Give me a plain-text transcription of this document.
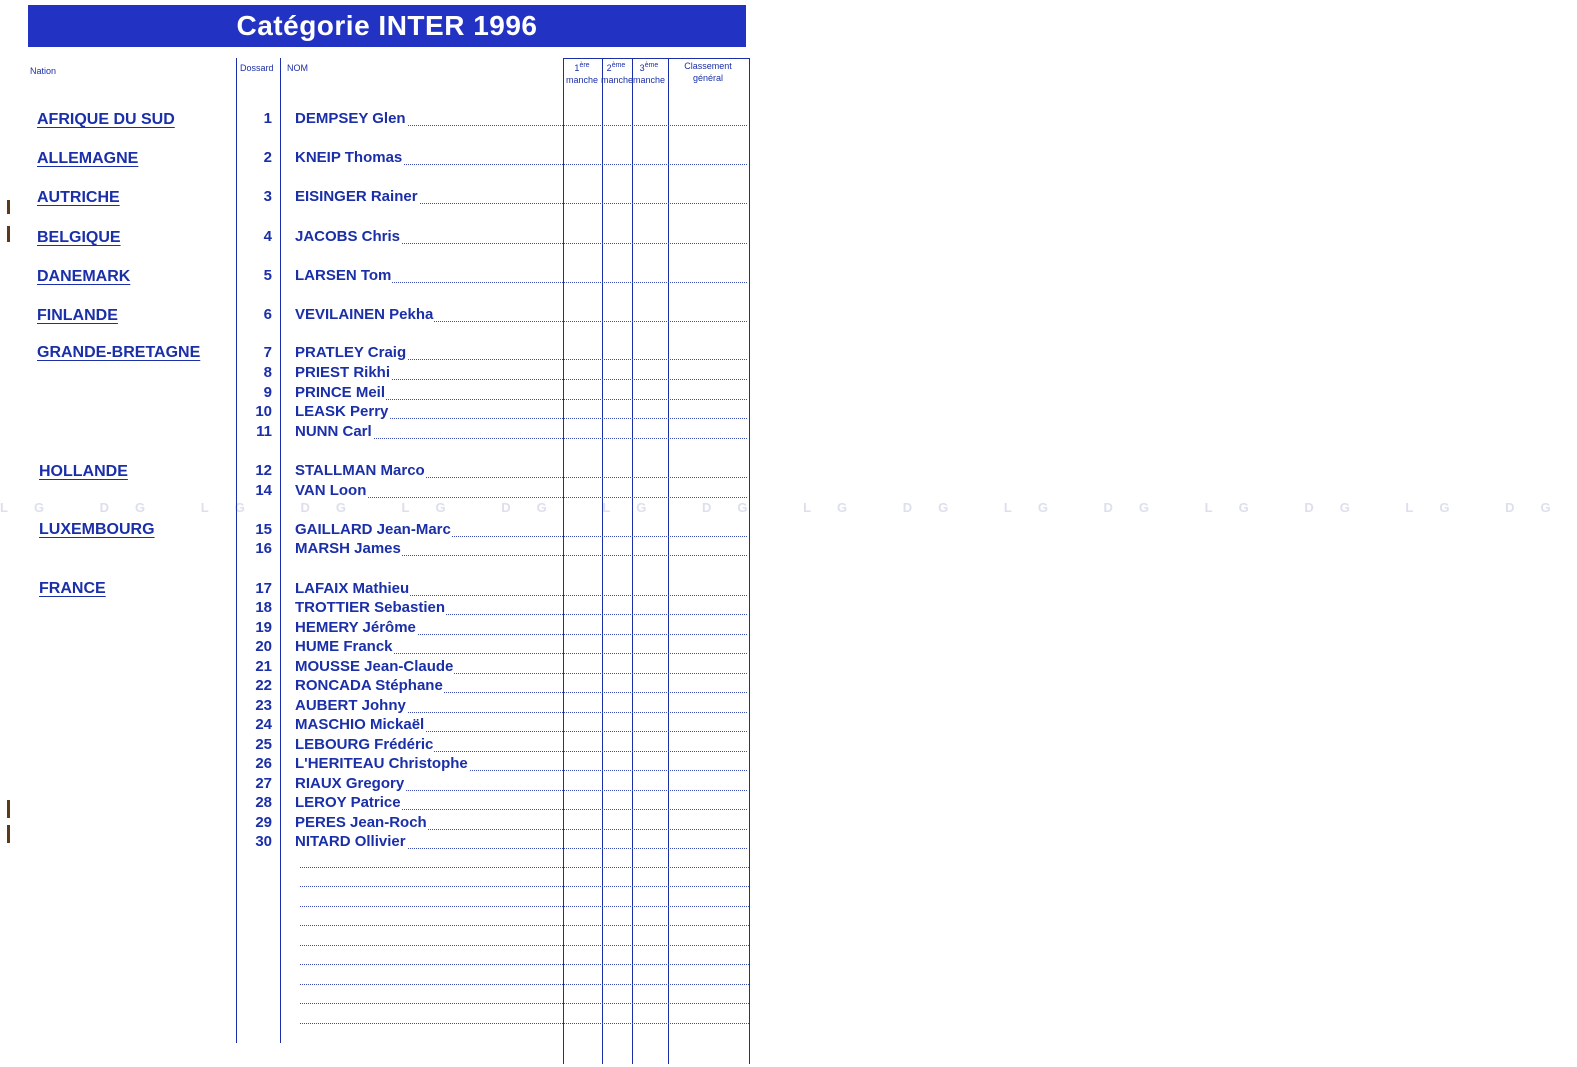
Catégorie INTER 1996
LG DG LG DG LG DG LG DG LG DG LG DG LG DG LG DG
Nation	Dossard NOM	1ère
manche
2ème
manche
3ème
manche
Classement
général
AFRIQUE DU SUD
ALLEMAGNE
AUTRICHE
BELGIQUE
DANEMARK
FINLANDE
GRANDE-BRETAGNE
HOLLANDE
LUXEMBOURG
FRANCE
1 DEMPSEY Glen
2 KNEIP Thomas
3 EISINGER Rainer
4 JACOBS Chris
5 LARSEN Tom
6 VEVILAINEN Pekha
7 PRATLEY Craig
8 PRIEST Rikhi
9 PRINCE Meil
10 LEASK Perry
11 NUNN Carl
12 STALLMAN Marco
14 VAN Loon
15 GAILLARD Jean-Marc
16 MARSH James
17 LAFAIX Mathieu
18 TROTTIER Sebastien
19 HEMERY Jérôme
20 HUME Franck
21 MOUSSE Jean-Claude
22 RONCADA Stéphane
23 AUBERT Johny
24 MASCHIO Mickaël
25 LEBOURG Frédéric
26 L'HERITEAU Christophe
27 RIAUX Gregory
28 LEROY Patrice
29 PERES Jean-Roch
30 NITARD Ollivier
